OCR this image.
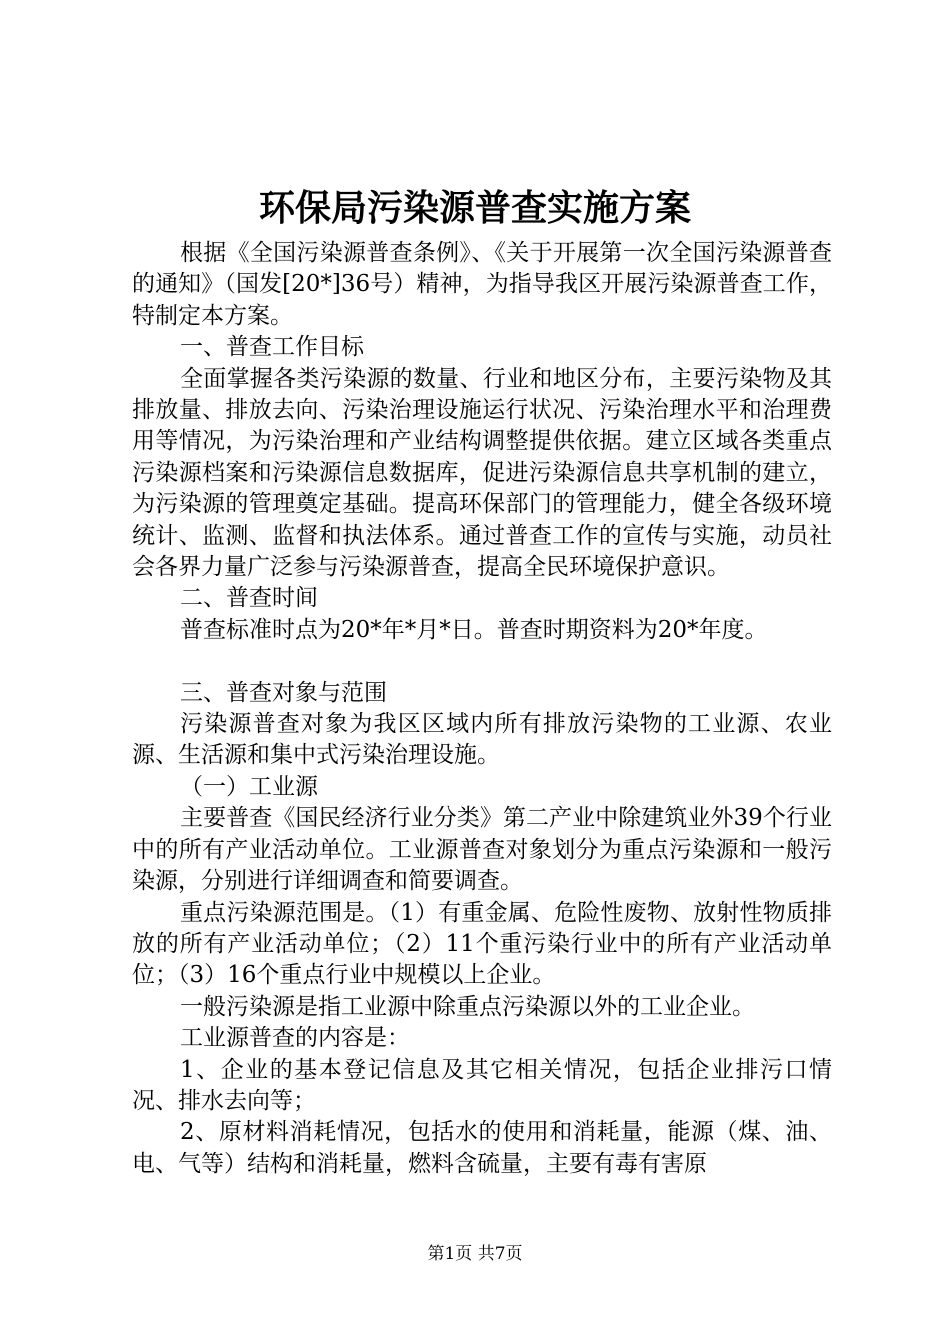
环保局污染源普查实施方案

根据《全国污染源普查条例》、《关于开展第一次全国污染源普查的通知》（国发[20*]36号）精神，为指导我区开展污染源普查工作，特制定本方案。

一、普查工作目标

全面掌握各类污染源的数量、行业和地区分布，主要污染物及其排放量、排放去向、污染治理设施运行状况、污染治理水平和治理费用等情况，为污染治理和产业结构调整提供依据。建立区域各类重点污染源档案和污染源信息数据库，促进污染源信息共享机制的建立，为污染源的管理奠定基础。提高环保部门的管理能力，健全各级环境统计、监测、监督和执法体系。通过普查工作的宣传与实施，动员社会各界力量广泛参与污染源普查，提高全民环境保护意识。

二、普查时间

普查标准时点为20*年*月*日。普查时期资料为20*年度。

三、普查对象与范围

污染源普查对象为我区区域内所有排放污染物的工业源、农业源、生活源和集中式污染治理设施。

（一）工业源

主要普查《国民经济行业分类》第二产业中除建筑业外39个行业中的所有产业活动单位。工业源普查对象划分为重点污染源和一般污染源，分别进行详细调查和简要调查。

重点污染源范围是。（1）有重金属、危险性废物、放射性物质排放的所有产业活动单位；（2）11个重污染行业中的所有产业活动单位；（3）16个重点行业中规模以上企业。

一般污染源是指工业源中除重点污染源以外的工业企业。

工业源普查的内容是：

1、企业的基本登记信息及其它相关情况，包括企业排污口情况、排水去向等；

2、原材料消耗情况，包括水的使用和消耗量，能源（煤、油、电、气等）结构和消耗量，燃料含硫量，主要有毒有害原

第1页 共7页
